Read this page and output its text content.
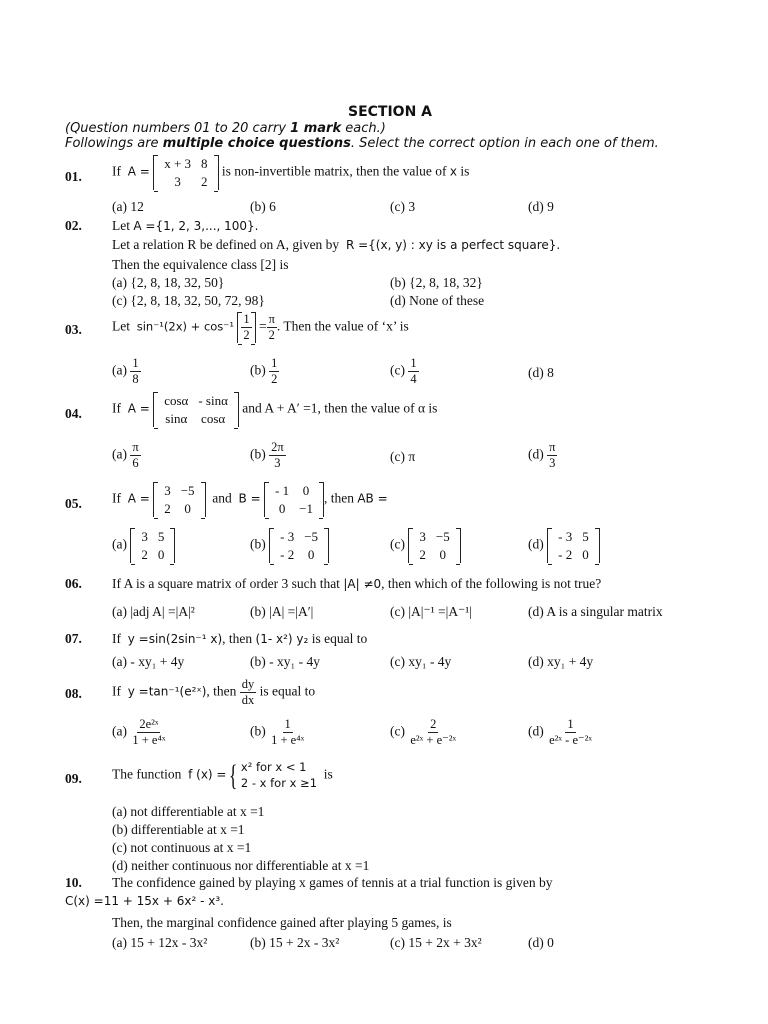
SECTION A
(Question numbers 01 to 20 carry 1 mark each.)
Followings are multiple choice questions. Select the correct option in each one of them.
01. If A =
x + 3	8
3	2
is non-invertible matrix, then the value of x is
(a) 12	(b) 6	(c) 3	(d) 9
02. Let A ={1, 2, 3,..., 100}.
Let a relation R be defined on A, given by R ={(x, y) : xy is a perfect square}.
Then the equivalence class [2] is
(a) {2, 8, 18, 32, 50}	(b) {2, 8, 18, 32}
(c) {2, 8, 18, 32, 50, 72, 98}	(d) None of these
03. Let $\sin^{-1}(2x) + \cos^{-1} \frac{1}{2} = \frac{\pi}{2}$ . Then the value of ‘x’ is
$(a) \frac{1}{8}$	$(b) \frac{1}{2}$	$(c) \frac{1}{4}$	(d) 8
04. If A =
cosα	- sinα
sinα	cosα
and A + A′ =1, then the value of α is
$(a) \frac{\pi}{6}$	$(b) \frac{2\pi}{3}$	(c) π	$(d) \frac{\pi}{3}$
05. If A =
3	−5
2	0
and B =
- 1	0
0	−1
, then AB =
(a)
3	5
2	0
(b)
- 3	−5
- 2	0
(c)
3	−5
2	0
(d)
- 3	5
- 2	0
06. If A is a square matrix of order 3 such that |A| ≠0, then which of the following is not true?
(a) |adj A| =|A|²	(b) |A| =|A′|	(c) |A|⁻¹ =|A⁻¹|	(d) A is a singular matrix
07. If y =sin(2sin⁻¹ x), then (1- x²) y₂ is equal to
(a) - xy₁ + 4y	(b) - xy₁ - 4y	(c) xy₁ - 4y	(d) xy₁ + 4y
08. If y =tan⁻¹(e²ˣ), then $\frac{dy}{dx}$ is equal to
$(a) \frac{\text{2e²ˣ}}{\text{1 + e⁴ˣ}}$	$(b) \frac{1}{\text{1 + e⁴ˣ}}$	$(c) \frac{2}{\text{e²ˣ + e⁻²ˣ}}$	$(d) \frac{1}{\text{e²ˣ - e⁻²ˣ}}$
09. The function f (x) ={ x² for x < 1
2 - x for x ≥1
is
(a) not differentiable at x =1
(b) differentiable at x =1
(c) not continuous at x =1
(d) neither continuous nor differentiable at x =1
10. The confidence gained by playing x games of tennis at a trial function is given by
C(x) =11 + 15x + 6x² - x³.
Then, the marginal confidence gained after playing 5 games, is
(a) 15 + 12x - 3x²	(b) 15 + 2x - 3x²	(c) 15 + 2x + 3x²	(d) 0
